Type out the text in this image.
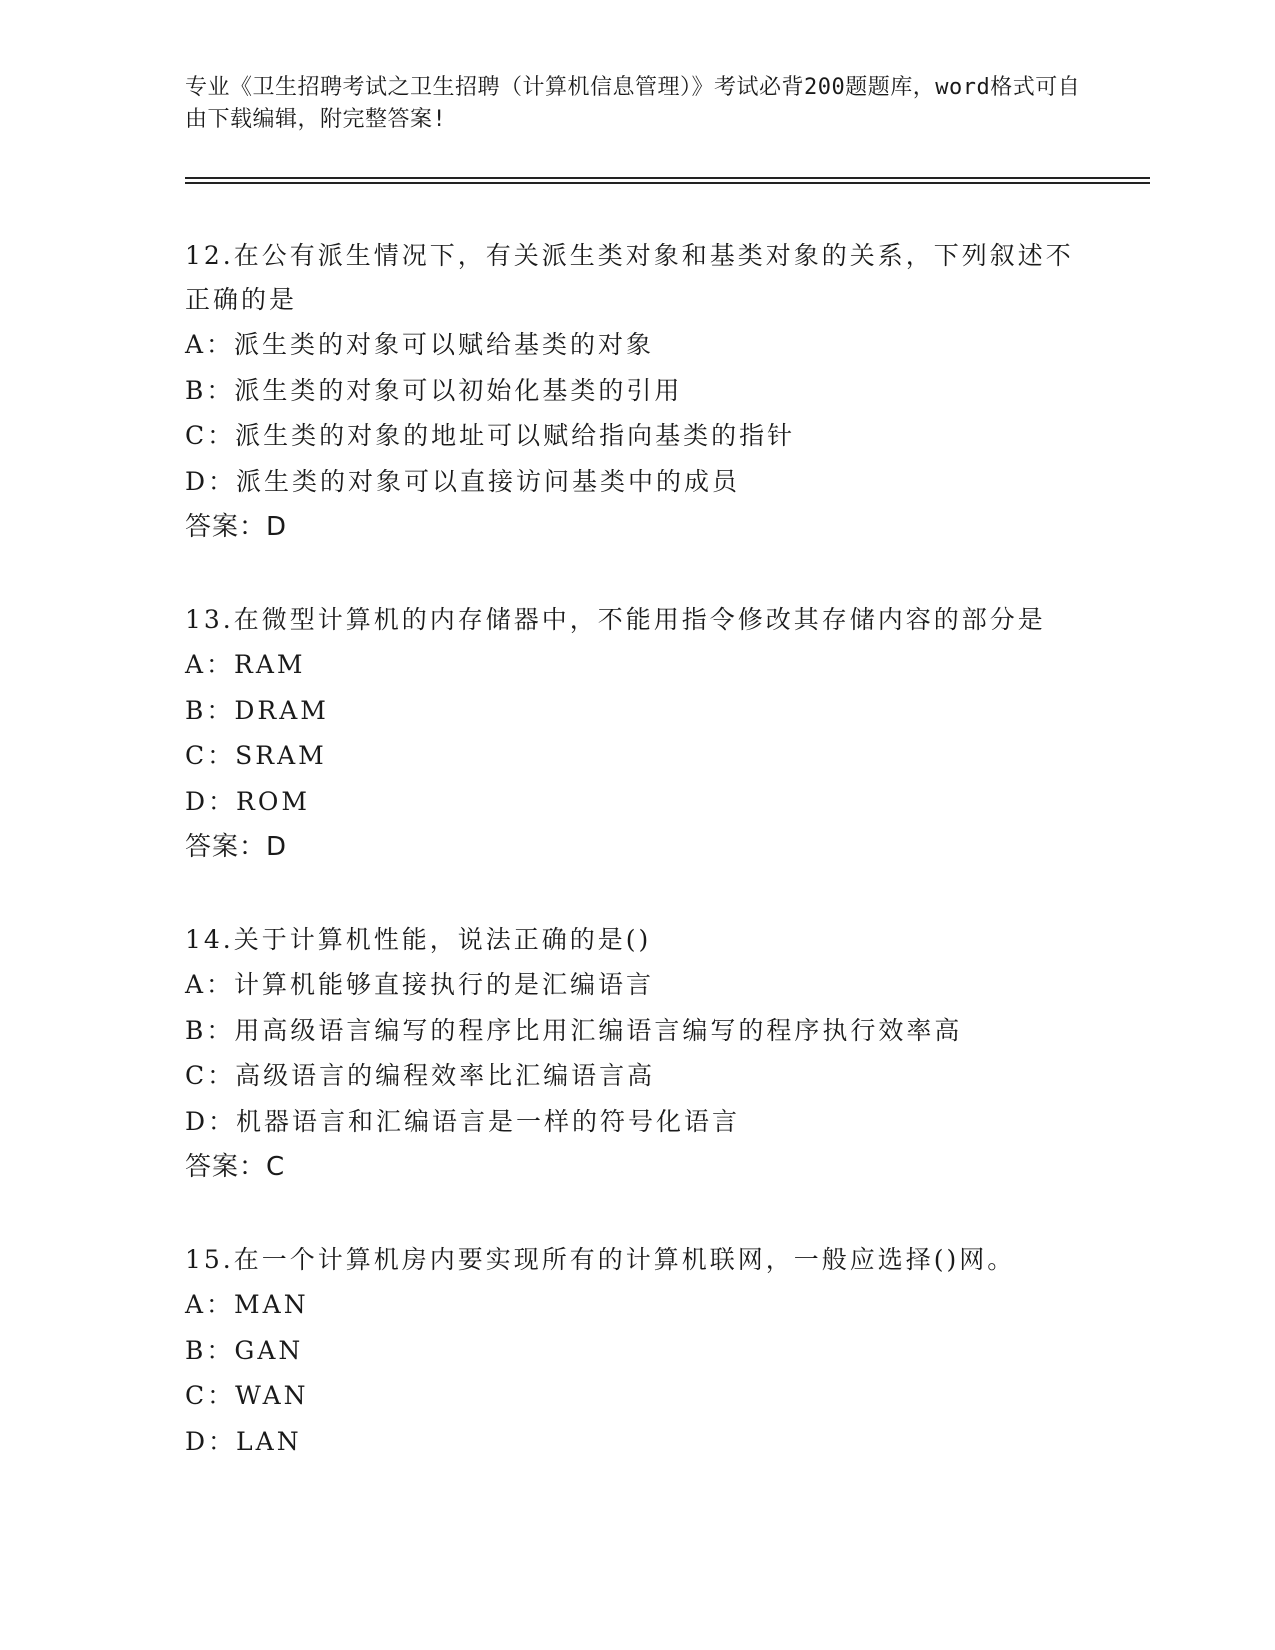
专业《卫生招聘考试之卫生招聘（计算机信息管理）》考试必背200题题库，word格式可自由下载编辑，附完整答案!
12.在公有派生情况下，有关派生类对象和基类对象的关系，下列叙述不正确的是
A：派生类的对象可以赋给基类的对象
B：派生类的对象可以初始化基类的引用
C：派生类的对象的地址可以赋给指向基类的指针
D：派生类的对象可以直接访问基类中的成员
答案：D
13.在微型计算机的内存储器中，不能用指令修改其存储内容的部分是
A：RAM
B：DRAM
C：SRAM
D：ROM
答案：D
14.关于计算机性能，说法正确的是()
A：计算机能够直接执行的是汇编语言
B：用高级语言编写的程序比用汇编语言编写的程序执行效率高
C：高级语言的编程效率比汇编语言高
D：机器语言和汇编语言是一样的符号化语言
答案：C
15.在一个计算机房内要实现所有的计算机联网，一般应选择()网。
A：MAN
B：GAN
C：WAN
D：LAN
